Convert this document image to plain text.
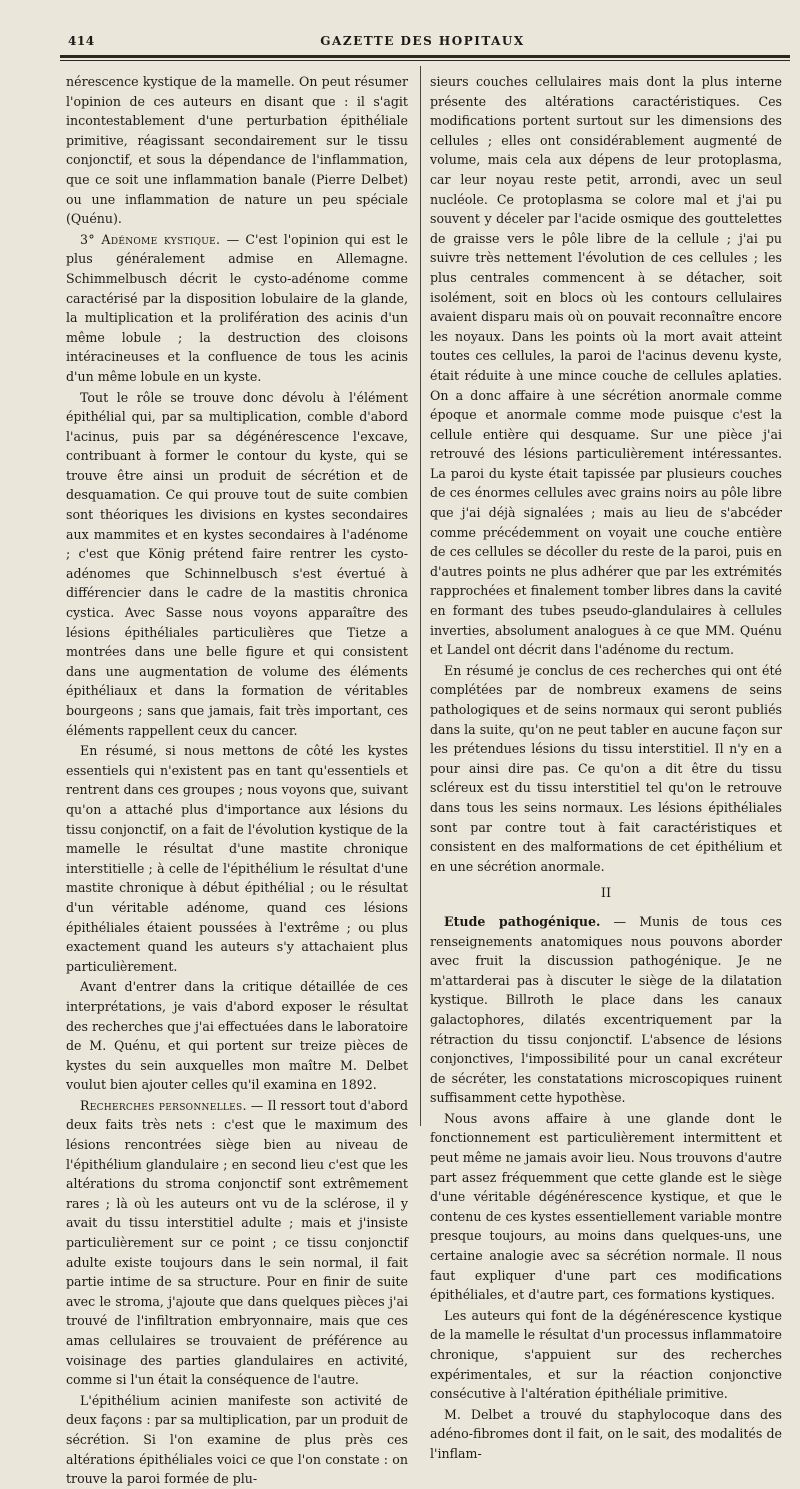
414	GAZETTE DES HOPITAUX

nérescence kystique de la mamelle. On peut résumer l'opinion de ces auteurs en disant que : il s'agit incontestablement d'une perturbation épithéliale primitive, réagissant secondairement sur le tissu conjonctif, et sous la dépendance de l'inflammation, que ce soit une inflammation banale (Pierre Delbet) ou une inflammation de nature un peu spéciale (Quénu).

3° Adénome kystique. — C'est l'opinion qui est le plus généralement admise en Allemagne. Schimmelbusch décrit le cysto-adénome comme caractérisé par la disposition lobulaire de la glande, la multiplication et la prolifération des acinis d'un même lobule ; la destruction des cloisons intéracineuses et la confluence de tous les acinis d'un même lobule en un kyste.

Tout le rôle se trouve donc dévolu à l'élément épithélial qui, par sa multiplication, comble d'abord l'acinus, puis par sa dégénérescence l'excave, contribuant à former le contour du kyste, qui se trouve être ainsi un produit de sécrétion et de desquamation. Ce qui prouve tout de suite combien sont théoriques les divisions en kystes secondaires aux mammites et en kystes secondaires à l'adénome ; c'est que König prétend faire rentrer les cysto-adénomes que Schinnelbusch s'est évertué à différencier dans le cadre de la mastitis chronica cystica. Avec Sasse nous voyons apparaître des lésions épithéliales particulières que Tietze a montrées dans une belle figure et qui consistent dans une augmentation de volume des éléments épithéliaux et dans la formation de véritables bourgeons ; sans que jamais, fait très important, ces éléments rappellent ceux du cancer.

En résumé, si nous mettons de côté les kystes essentiels qui n'existent pas en tant qu'essentiels et rentrent dans ces groupes ; nous voyons que, suivant qu'on a attaché plus d'importance aux lésions du tissu conjonctif, on a fait de l'évolution kystique de la mamelle le résultat d'une mastite chronique interstitielle ; à celle de l'épithélium le résultat d'une mastite chronique à début épithélial ; ou le résultat d'un véritable adénome, quand ces lésions épithéliales étaient poussées à l'extrême ; ou plus exactement quand les auteurs s'y attachaient plus particulièrement.

Avant d'entrer dans la critique détaillée de ces interprétations, je vais d'abord exposer le résultat des recherches que j'ai effectuées dans le laboratoire de M. Quénu, et qui portent sur treize pièces de kystes du sein auxquelles mon maître M. Delbet voulut bien ajouter celles qu'il examina en 1892.

Recherches personnelles. — Il ressort tout d'abord deux faits très nets : c'est que le maximum des lésions rencontrées siège bien au niveau de l'épithélium glandulaire ; en second lieu c'est que les altérations du stroma conjonctif sont extrêmement rares ; là où les auteurs ont vu de la sclérose, il y avait du tissu interstitiel adulte ; mais et j'insiste particulièrement sur ce point ; ce tissu conjonctif adulte existe toujours dans le sein normal, il fait partie intime de sa structure. Pour en finir de suite avec le stroma, j'ajoute que dans quelques pièces j'ai trouvé de l'infiltration embryonnaire, mais que ces amas cellulaires se trouvaient de préférence au voisinage des parties glandulaires en activité, comme si l'un était la conséquence de l'autre.

L'épithélium acinien manifeste son activité de deux façons : par sa multiplication, par un produit de sécrétion. Si l'on examine de plus près ces altérations épithéliales voici ce que l'on constate : on trouve la paroi formée de plu-

sieurs couches cellulaires mais dont la plus interne présente des altérations caractéristiques. Ces modifications portent surtout sur les dimensions des cellules ; elles ont considérablement augmenté de volume, mais cela aux dépens de leur protoplasma, car leur noyau reste petit, arrondi, avec un seul nucléole. Ce protoplasma se colore mal et j'ai pu souvent y déceler par l'acide osmique des gouttelettes de graisse vers le pôle libre de la cellule ; j'ai pu suivre très nettement l'évolution de ces cellules ; les plus centrales commencent à se détacher, soit isolément, soit en blocs où les contours cellulaires avaient disparu mais où on pouvait reconnaître encore les noyaux. Dans les points où la mort avait atteint toutes ces cellules, la paroi de l'acinus devenu kyste, était réduite à une mince couche de cellules aplaties. On a donc affaire à une sécrétion anormale comme époque et anormale comme mode puisque c'est la cellule entière qui desquame. Sur une pièce j'ai retrouvé des lésions particulièrement intéressantes. La paroi du kyste était tapissée par plusieurs couches de ces énormes cellules avec grains noirs au pôle libre que j'ai déjà signalées ; mais au lieu de s'abcéder comme précédemment on voyait une couche entière de ces cellules se décoller du reste de la paroi, puis en d'autres points ne plus adhérer que par les extrémités rapprochées et finalement tomber libres dans la cavité en formant des tubes pseudo-glandulaires à cellules inverties, absolument analogues à ce que MM. Quénu et Landel ont décrit dans l'adénome du rectum.

En résumé je conclus de ces recherches qui ont été complétées par de nombreux examens de seins pathologiques et de seins normaux qui seront publiés dans la suite, qu'on ne peut tabler en aucune façon sur les prétendues lésions du tissu interstitiel. Il n'y en a pour ainsi dire pas. Ce qu'on a dit être du tissu scléreux est du tissu interstitiel tel qu'on le retrouve dans tous les seins normaux. Les lésions épithéliales sont par contre tout à fait caractéristiques et consistent en des malformations de cet épithélium et en une sécrétion anormale.

II

Etude pathogénique. — Munis de tous ces renseignements anatomiques nous pouvons aborder avec fruit la discussion pathogénique. Je ne m'attarderai pas à discuter le siège de la dilatation kystique. Billroth le place dans les canaux galactophores, dilatés excentriquement par la rétraction du tissu conjonctif. L'absence de lésions conjonctives, l'impossibilité pour un canal excréteur de sécréter, les constatations microscopiques ruinent suffisamment cette hypothèse.

Nous avons affaire à une glande dont le fonctionnement est particulièrement intermittent et peut même ne jamais avoir lieu. Nous trouvons d'autre part assez fréquemment que cette glande est le siège d'une véritable dégénérescence kystique, et que le contenu de ces kystes essentiellement variable montre presque toujours, au moins dans quelques-uns, une certaine analogie avec sa sécrétion normale. Il nous faut expliquer d'une part ces modifications épithéliales, et d'autre part, ces formations kystiques.

Les auteurs qui font de la dégénérescence kystique de la mamelle le résultat d'un processus inflammatoire chronique, s'appuient sur des recherches expérimentales, et sur la réaction conjonctive consécutive à l'altération épithéliale primitive.

M. Delbet a trouvé du staphylocoque dans des adéno-fibromes dont il fait, on le sait, des modalités de l'inflam-
